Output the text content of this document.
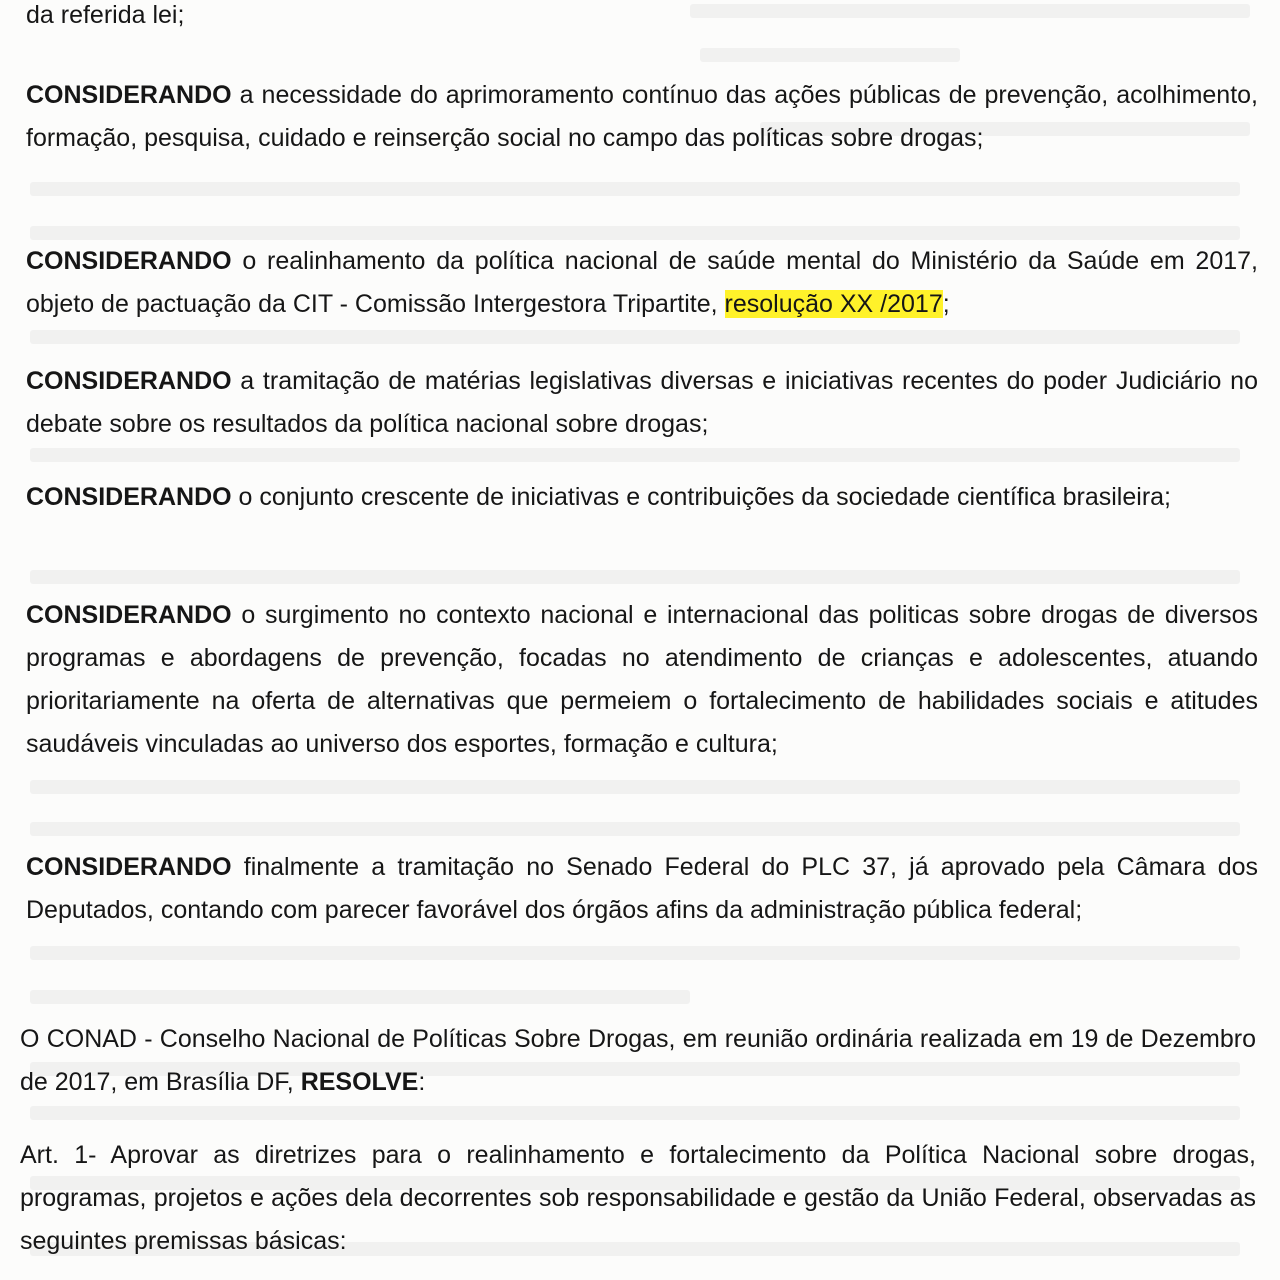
da referida lei;

CONSIDERANDO a necessidade do aprimoramento contínuo das ações públicas de prevenção, acolhimento, formação, pesquisa, cuidado e reinserção social no campo das políticas sobre drogas;

CONSIDERANDO o realinhamento da política nacional de saúde mental do Ministério da Saúde em 2017, objeto de pactuação da CIT - Comissão Intergestora Tripartite, resolução XX /2017;

CONSIDERANDO a tramitação de matérias legislativas diversas e iniciativas recentes do poder Judiciário no debate sobre os resultados da política nacional sobre drogas;

CONSIDERANDO o conjunto crescente de iniciativas e contribuições da sociedade científica brasileira;

CONSIDERANDO o surgimento no contexto nacional e internacional das politicas sobre drogas de diversos programas e abordagens de prevenção, focadas no atendimento de crianças e adolescentes, atuando prioritariamente na oferta de alternativas que permeiem o fortalecimento de habilidades sociais e atitudes saudáveis vinculadas ao universo dos esportes, formação e cultura;

CONSIDERANDO finalmente a tramitação no Senado Federal do PLC 37, já aprovado pela Câmara dos Deputados, contando com parecer favorável dos órgãos afins da administração pública federal;

O CONAD - Conselho Nacional de Políticas Sobre Drogas, em reunião ordinária realizada em 19 de Dezembro de 2017, em Brasília DF, RESOLVE:

Art. 1- Aprovar as diretrizes para o realinhamento e fortalecimento da Política Nacional sobre drogas, programas, projetos e ações dela decorrentes sob responsabilidade e gestão da União Federal, observadas as seguintes premissas básicas:
